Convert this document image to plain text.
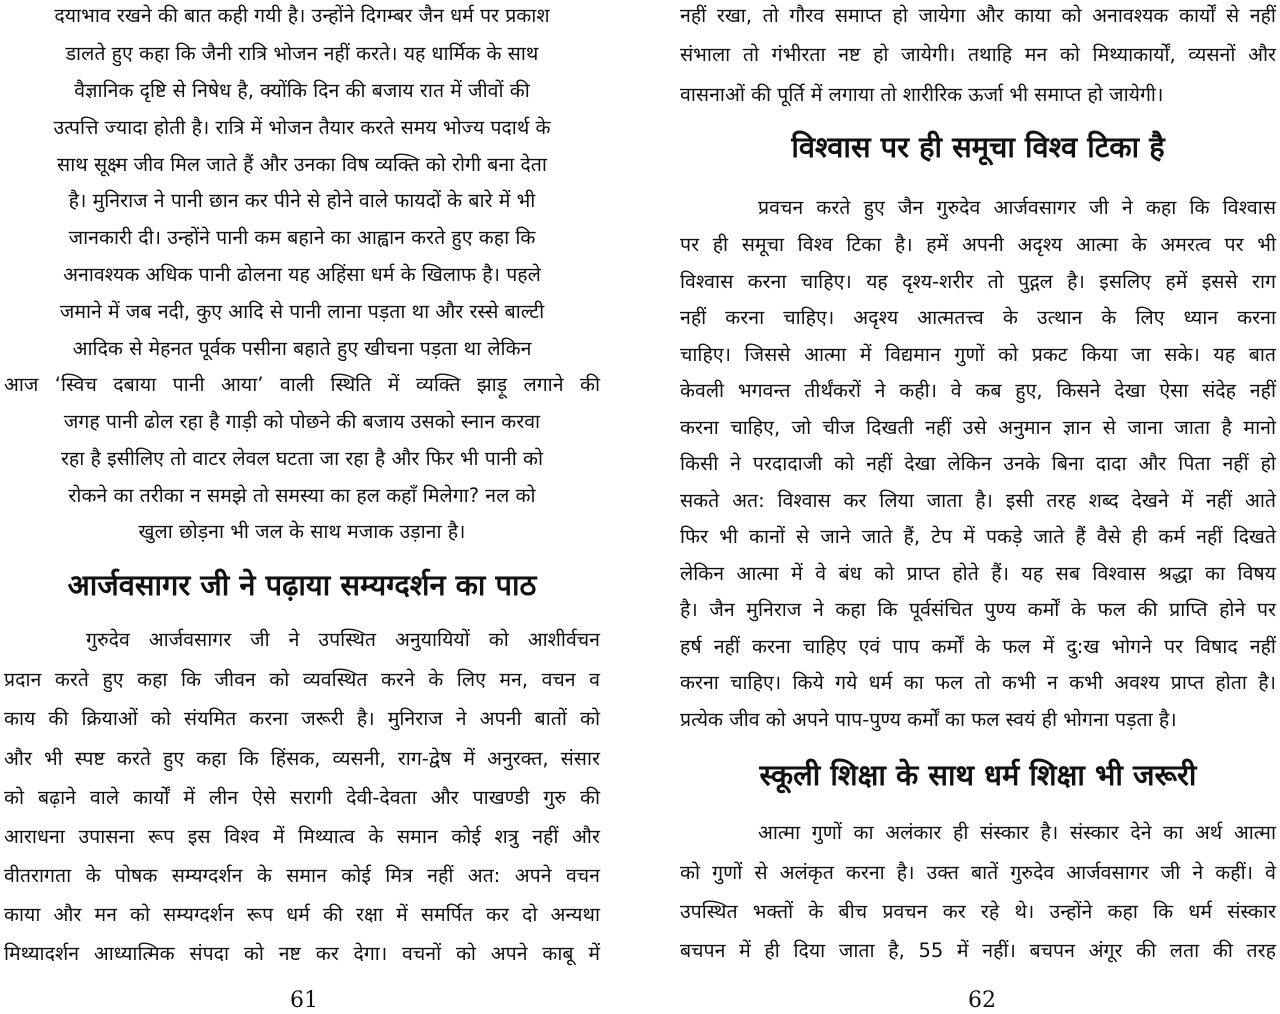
दयाभाव रखने की बात कही गयी है। उन्होंने दिगम्बर जैन धर्म पर प्रकाश
डालते हुए कहा कि जैनी रात्रि भोजन नहीं करते। यह धार्मिक के साथ
वैज्ञानिक दृष्टि से निषेध है, क्योंकि दिन की बजाय रात में जीवों की
उत्पत्ति ज्यादा होती है। रात्रि में भोजन तैयार करते समय भोज्य पदार्थ के
साथ सूक्ष्म जीव मिल जाते हैं और उनका विष व्यक्ति को रोगी बना देता
है। मुनिराज ने पानी छान कर पीने से होने वाले फायदों के बारे में भी
जानकारी दी। उन्होंने पानी कम बहाने का आह्वान करते हुए कहा कि
अनावश्यक अधिक पानी ढोलना यह अहिंसा धर्म के खिलाफ है। पहले
जमाने में जब नदी, कुए आदि से पानी लाना पड़ता था और रस्से बाल्टी
आदिक से मेहनत पूर्वक पसीना बहाते हुए खीचना पड़ता था लेकिन
आज ‘स्विच दबाया पानी आया’ वाली स्थिति में व्यक्ति झाड़ू लगाने की
जगह पानी ढोल रहा है गाड़ी को पोछने की बजाय उसको स्नान करवा
रहा है इसीलिए तो वाटर लेवल घटता जा रहा है और फिर भी पानी को
रोकने का तरीका न समझे तो समस्या का हल कहाँ मिलेगा? नल को
खुला छोड़ना भी जल के साथ मजाक उड़ाना है।
आर्जवसागर जी ने पढ़ाया सम्यग्दर्शन का पाठ
गुरुदेव आर्जवसागर जी ने उपस्थित अनुयायियों को आशीर्वचन
प्रदान करते हुए कहा कि जीवन को व्यवस्थित करने के लिए मन, वचन व
काय की क्रियाओं को संयमित करना जरूरी है। मुनिराज ने अपनी बातों को
और भी स्पष्ट करते हुए कहा कि हिंसक, व्यसनी, राग-द्वेष में अनुरक्त, संसार
को बढ़ाने वाले कार्यों में लीन ऐसे सरागी देवी-देवता और पाखण्डी गुरु की
आराधना उपासना रूप इस विश्व में मिथ्यात्व के समान कोई शत्रु नहीं और
वीतरागता के पोषक सम्यग्दर्शन के समान कोई मित्र नहीं अत: अपने वचन
काया और मन को सम्यग्दर्शन रूप धर्म की रक्षा में समर्पित कर दो अन्यथा
मिथ्यादर्शन आध्यात्मिक संपदा को नष्ट कर देगा। वचनों को अपने काबू में
61
नहीं रखा, तो गौरव समाप्त हो जायेगा और काया को अनावश्यक कार्यों से नहीं
संभाला तो गंभीरता नष्ट हो जायेगी। तथाहि मन को मिथ्याकार्यों, व्यसनों और
वासनाओं की पूर्ति में लगाया तो शारीरिक ऊर्जा भी समाप्त हो जायेगी।
विश्वास पर ही समूचा विश्व टिका है
प्रवचन करते हुए जैन गुरुदेव आर्जवसागर जी ने कहा कि विश्वास
पर ही समूचा विश्व टिका है। हमें अपनी अदृश्य आत्मा के अमरत्व पर भी
विश्वास करना चाहिए। यह दृश्य-शरीर तो पुद्गल है। इसलिए हमें इससे राग
नहीं करना चाहिए। अदृश्य आत्मतत्त्व के उत्थान के लिए ध्यान करना
चाहिए। जिससे आत्मा में विद्यमान गुणों को प्रकट किया जा सके। यह बात
केवली भगवन्त तीर्थंकरों ने कही। वे कब हुए, किसने देखा ऐसा संदेह नहीं
करना चाहिए, जो चीज दिखती नहीं उसे अनुमान ज्ञान से जाना जाता है मानो
किसी ने परदादाजी को नहीं देखा लेकिन उनके बिना दादा और पिता नहीं हो
सकते अत: विश्वास कर लिया जाता है। इसी तरह शब्द देखने में नहीं आते
फिर भी कानों से जाने जाते हैं, टेप में पकड़े जाते हैं वैसे ही कर्म नहीं दिखते
लेकिन आत्मा में वे बंध को प्राप्त होते हैं। यह सब विश्वास श्रद्धा का विषय
है। जैन मुनिराज ने कहा कि पूर्वसंचित पुण्य कर्मों के फल की प्राप्ति होने पर
हर्ष नहीं करना चाहिए एवं पाप कर्मों के फल में दु:ख भोगने पर विषाद नहीं
करना चाहिए। किये गये धर्म का फल तो कभी न कभी अवश्य प्राप्त होता है।
प्रत्येक जीव को अपने पाप-पुण्य कर्मों का फल स्वयं ही भोगना पड़ता है।
स्कूली शिक्षा के साथ धर्म शिक्षा भी जरूरी
आत्मा गुणों का अलंकार ही संस्कार है। संस्कार देने का अर्थ आत्मा
को गुणों से अलंकृत करना है। उक्त बातें गुरुदेव आर्जवसागर जी ने कहीं। वे
उपस्थित भक्तों के बीच प्रवचन कर रहे थे। उन्होंने कहा कि धर्म संस्कार
बचपन में ही दिया जाता है, 55 में नहीं। बचपन अंगूर की लता की तरह
62
